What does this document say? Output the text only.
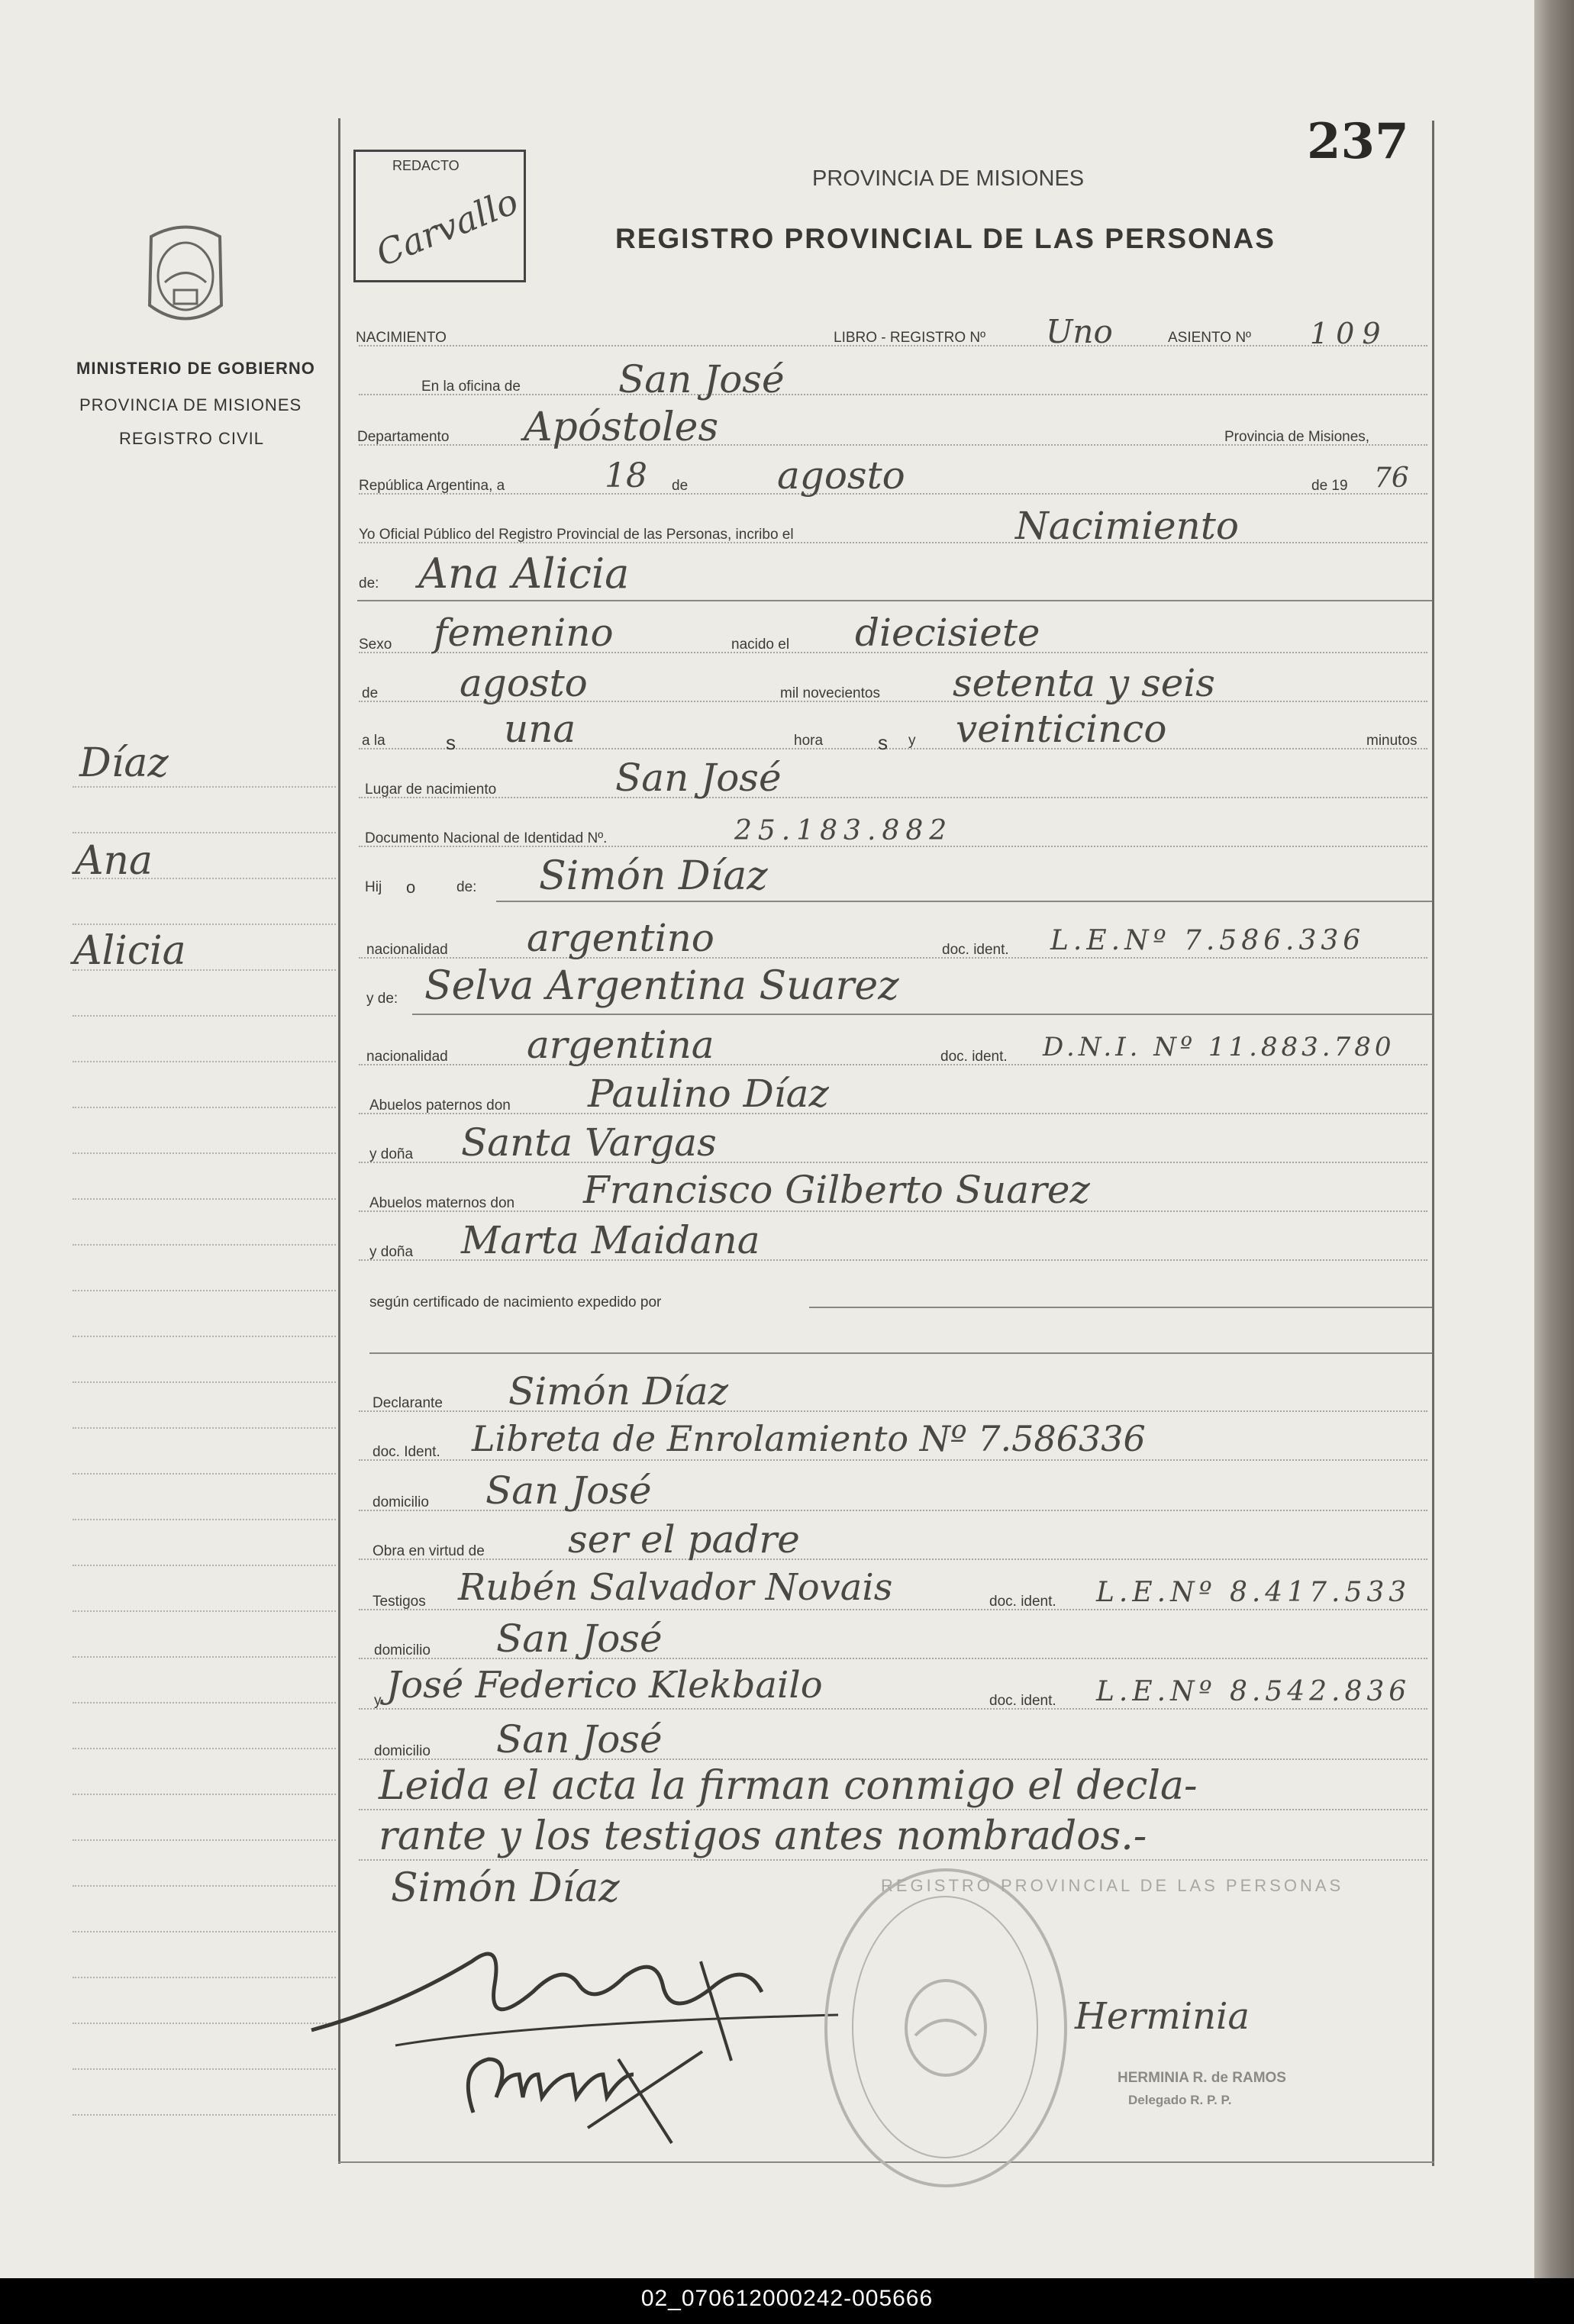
237
REDACTO
Carvallo
PROVINCIA DE MISIONES
REGISTRO PROVINCIAL DE LAS PERSONAS
MINISTERIO DE GOBIERNO
PROVINCIA DE MISIONES
REGISTRO CIVIL
Díaz
Ana
Alicia
NACIMIENTO	LIBRO - REGISTRO Nº Uno	ASIENTO Nº 109
En la oficina de	San José
Departamento Apóstoles	Provincia de Misiones,
República Argentina, a	18 de agosto	de 19 76
Yo Oficial Público del Registro Provincial de las Personas, incribo el	Nacimiento
de: Ana Alicia
Sexo femenino	nacido el diecisiete
de agosto	mil novecientos setenta y seis
a la	s una	hora	s y veinticinco	minutos
Lugar de nacimiento	San José
Documento Nacional de Identidad Nº.	25.183.882
Hij o	de: Simón Díaz
nacionalidad argentino	doc. ident. L.E.Nº 7.586.336
y de: Selva Argentina Suarez
nacionalidad argentina	doc. ident. D.N.I. Nº 11.883.780
Abuelos paternos don Paulino Díaz
y doña Santa Vargas
Abuelos maternos don Francisco Gilberto Suarez
y doña Marta Maidana
según certificado de nacimiento expedido por
Declarante Simón Díaz
doc. Ident. Libreta de Enrolamiento Nº 7.586336
domicilio San José
Obra en virtud de ser el padre
Testigos Rubén Salvador Novais	doc. ident. L.E.Nº 8.417.533
domicilio San José
y José Federico Klekbailo	doc. ident. L.E.Nº 8.542.836
domicilio San José
Leida el acta la firman conmigo el decla-
rante y los testigos antes nombrados.-
Simón Díaz	REGISTRO PROVINCIAL DE LAS PERSONAS
Herminia
HERMINIA R. de RAMOS
Delegado R. P. P.
02_070612000242-005666
